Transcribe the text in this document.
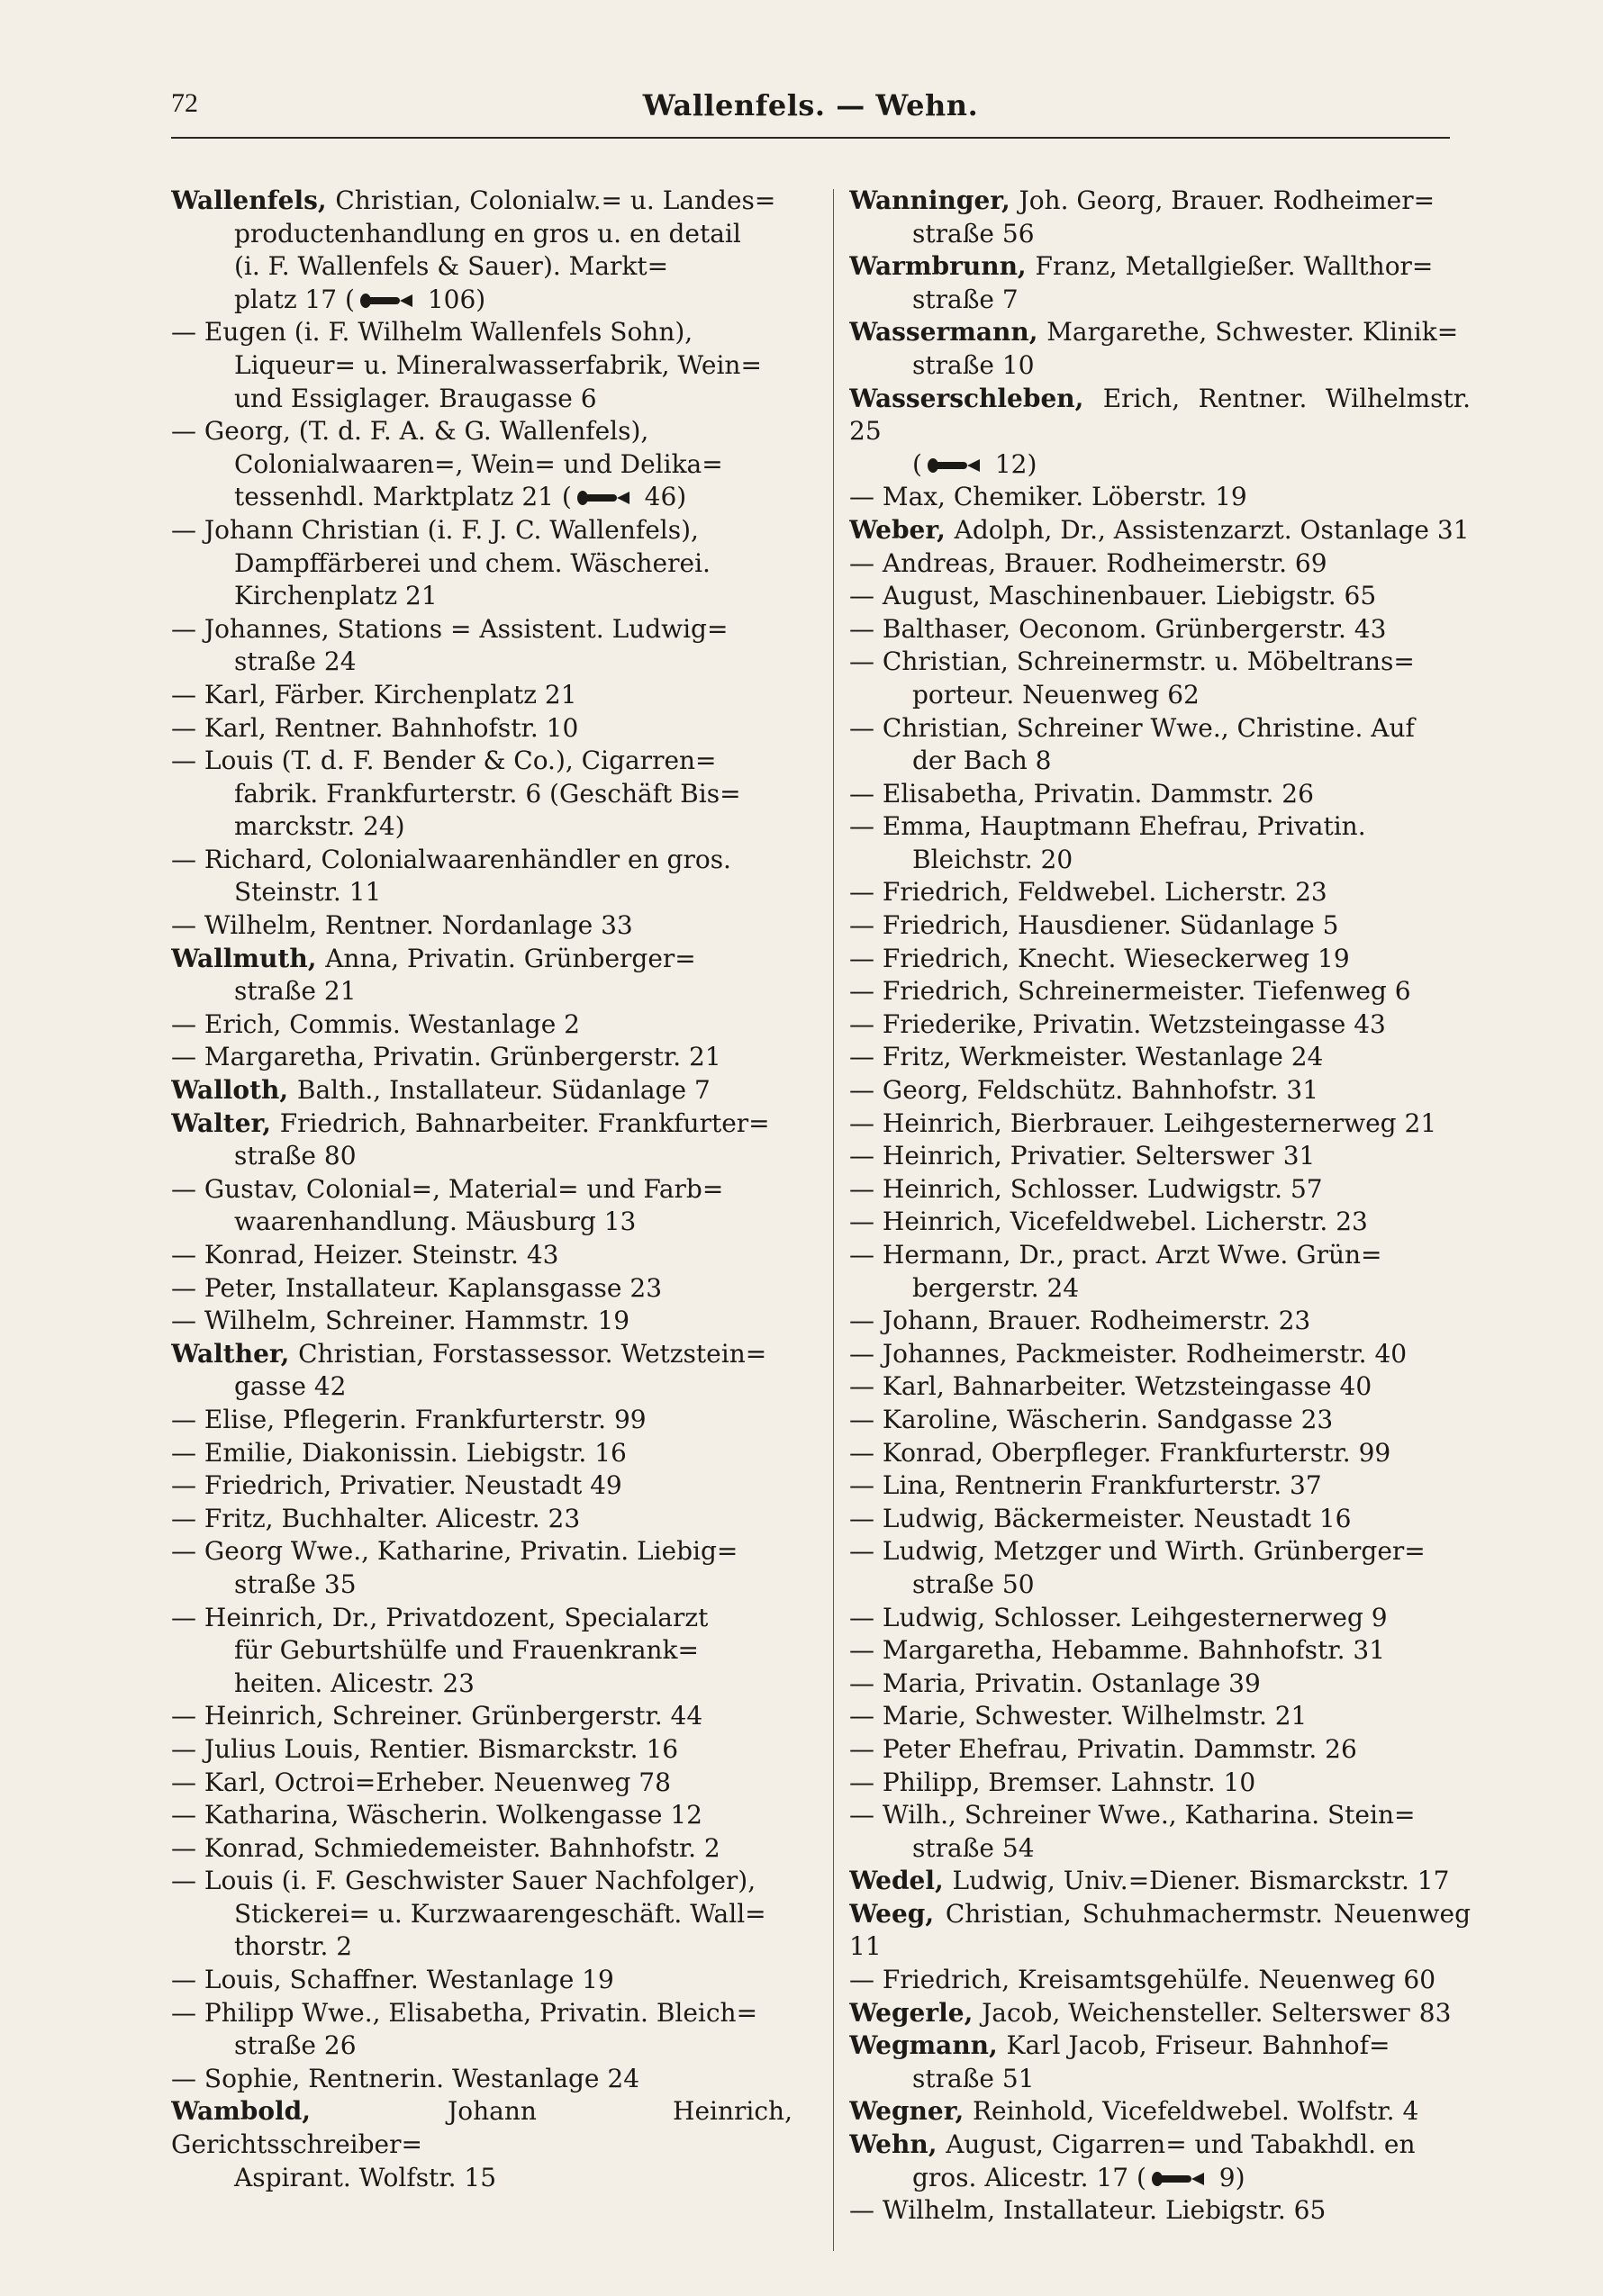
72	Wallenfels. — Wehn.
Wallenfels, Christian, Colonialw.= u. Landes=
productenhandlung en gros u. en detail
(i. F. Wallenfels & Sauer). Markt=
platz 17 (	106)
— Eugen (i. F. Wilhelm Wallenfels Sohn),
Liqueur= u. Mineralwasserfabrik, Wein=
und Essiglager. Braugasse 6
— Georg, (T. d. F. A. & G. Wallenfels),
Colonialwaaren=, Wein= und Delika=
tessenhdl. Marktplatz 21 (	46)
— Johann Christian (i. F. J. C. Wallenfels),
Dampffärberei und chem. Wäscherei.
Kirchenplatz 21
— Johannes, Stations = Assistent. Ludwig=
straße 24
— Karl, Färber. Kirchenplatz 21
— Karl, Rentner. Bahnhofstr. 10
— Louis (T. d. F. Bender & Co.), Cigarren=
fabrik. Frankfurterstr. 6 (Geschäft Bis=
marckstr. 24)
— Richard, Colonialwaarenhändler en gros.
Steinstr. 11
— Wilhelm, Rentner. Nordanlage 33
Wallmuth, Anna, Privatin. Grünberger=
straße 21
— Erich, Commis. Westanlage 2
— Margaretha, Privatin. Grünbergerstr. 21
Walloth, Balth., Installateur. Südanlage 7
Walter, Friedrich, Bahnarbeiter. Frankfurter=
straße 80
— Gustav, Colonial=, Material= und Farb=
waarenhandlung. Mäusburg 13
— Konrad, Heizer. Steinstr. 43
— Peter, Installateur. Kaplansgasse 23
— Wilhelm, Schreiner. Hammstr. 19
Walther, Christian, Forstassessor. Wetzstein=
gasse 42
— Elise, Pflegerin. Frankfurterstr. 99
— Emilie, Diakonissin. Liebigstr. 16
— Friedrich, Privatier. Neustadt 49
— Fritz, Buchhalter. Alicestr. 23
— Georg Wwe., Katharine, Privatin. Liebig=
straße 35
— Heinrich, Dr., Privatdozent, Specialarzt
für Geburtshülfe und Frauenkrank=
heiten. Alicestr. 23
— Heinrich, Schreiner. Grünbergerstr. 44
— Julius Louis, Rentier. Bismarckstr. 16
— Karl, Octroi=Erheber. Neuenweg 78
— Katharina, Wäscherin. Wolkengasse 12
— Konrad, Schmiedemeister. Bahnhofstr. 2
— Louis (i. F. Geschwister Sauer Nachfolger),
Stickerei= u. Kurzwaarengeschäft. Wall=
thorstr. 2
— Louis, Schaffner. Westanlage 19
— Philipp Wwe., Elisabetha, Privatin. Bleich=
straße 26
— Sophie, Rentnerin. Westanlage 24
Wambold, Johann Heinrich, Gerichtsschreiber=
Aspirant. Wolfstr. 15
Wanninger, Joh. Georg, Brauer. Rodheimer=
straße 56
Warmbrunn, Franz, Metallgießer. Wallthor=
straße 7
Wassermann, Margarethe, Schwester. Klinik=
straße 10
Wasserschleben, Erich, Rentner. Wilhelmstr. 25
(	12)
— Max, Chemiker. Löberstr. 19
Weber, Adolph, Dr., Assistenzarzt. Ostanlage 31
— Andreas, Brauer. Rodheimerstr. 69
— August, Maschinenbauer. Liebigstr. 65
— Balthaser, Oeconom. Grünbergerstr. 43
— Christian, Schreinermstr. u. Möbeltrans=
porteur. Neuenweg 62
— Christian, Schreiner Wwe., Christine. Auf
der Bach 8
— Elisabetha, Privatin. Dammstr. 26
— Emma, Hauptmann Ehefrau, Privatin.
Bleichstr. 20
— Friedrich, Feldwebel. Licherstr. 23
— Friedrich, Hausdiener. Südanlage 5
— Friedrich, Knecht. Wieseckerweg 19
— Friedrich, Schreinermeister. Tiefenweg 6
— Friederike, Privatin. Wetzsteingasse 43
— Fritz, Werkmeister. Westanlage 24
— Georg, Feldschütz. Bahnhofstr. 31
— Heinrich, Bierbrauer. Leihgesternerweg 21
— Heinrich, Privatier. Selterswег 31
— Heinrich, Schlosser. Ludwigstr. 57
— Heinrich, Vicefeldwebel. Licherstr. 23
— Hermann, Dr., pract. Arzt Wwe. Grün=
bergerstr. 24
— Johann, Brauer. Rodheimerstr. 23
— Johannes, Packmeister. Rodheimerstr. 40
— Karl, Bahnarbeiter. Wetzsteingasse 40
— Karoline, Wäscherin. Sandgasse 23
— Konrad, Oberpfleger. Frankfurterstr. 99
— Lina, Rentnerin Frankfurterstr. 37
— Ludwig, Bäckermeister. Neustadt 16
— Ludwig, Metzger und Wirth. Grünberger=
straße 50
— Ludwig, Schlosser. Leihgesternerweg 9
— Margaretha, Hebamme. Bahnhofstr. 31
— Maria, Privatin. Ostanlage 39
— Marie, Schwester. Wilhelmstr. 21
— Peter Ehefrau, Privatin. Dammstr. 26
— Philipp, Bremser. Lahnstr. 10
— Wilh., Schreiner Wwe., Katharina. Stein=
straße 54
Wedel, Ludwig, Univ.=Diener. Bismarckstr. 17
Weeg, Christian, Schuhmachermstr. Neuenweg 11
— Friedrich, Kreisamtsgehülfe. Neuenweg 60
Wegerle, Jacob, Weichensteller. Selterswег 83
Wegmann, Karl Jacob, Friseur. Bahnhof=
straße 51
Wegner, Reinhold, Vicefeldwebel. Wolfstr. 4
Wehn, August, Cigarren= und Tabakhdl. en
gros. Alicestr. 17 (	9)
— Wilhelm, Installateur. Liebigstr. 65
